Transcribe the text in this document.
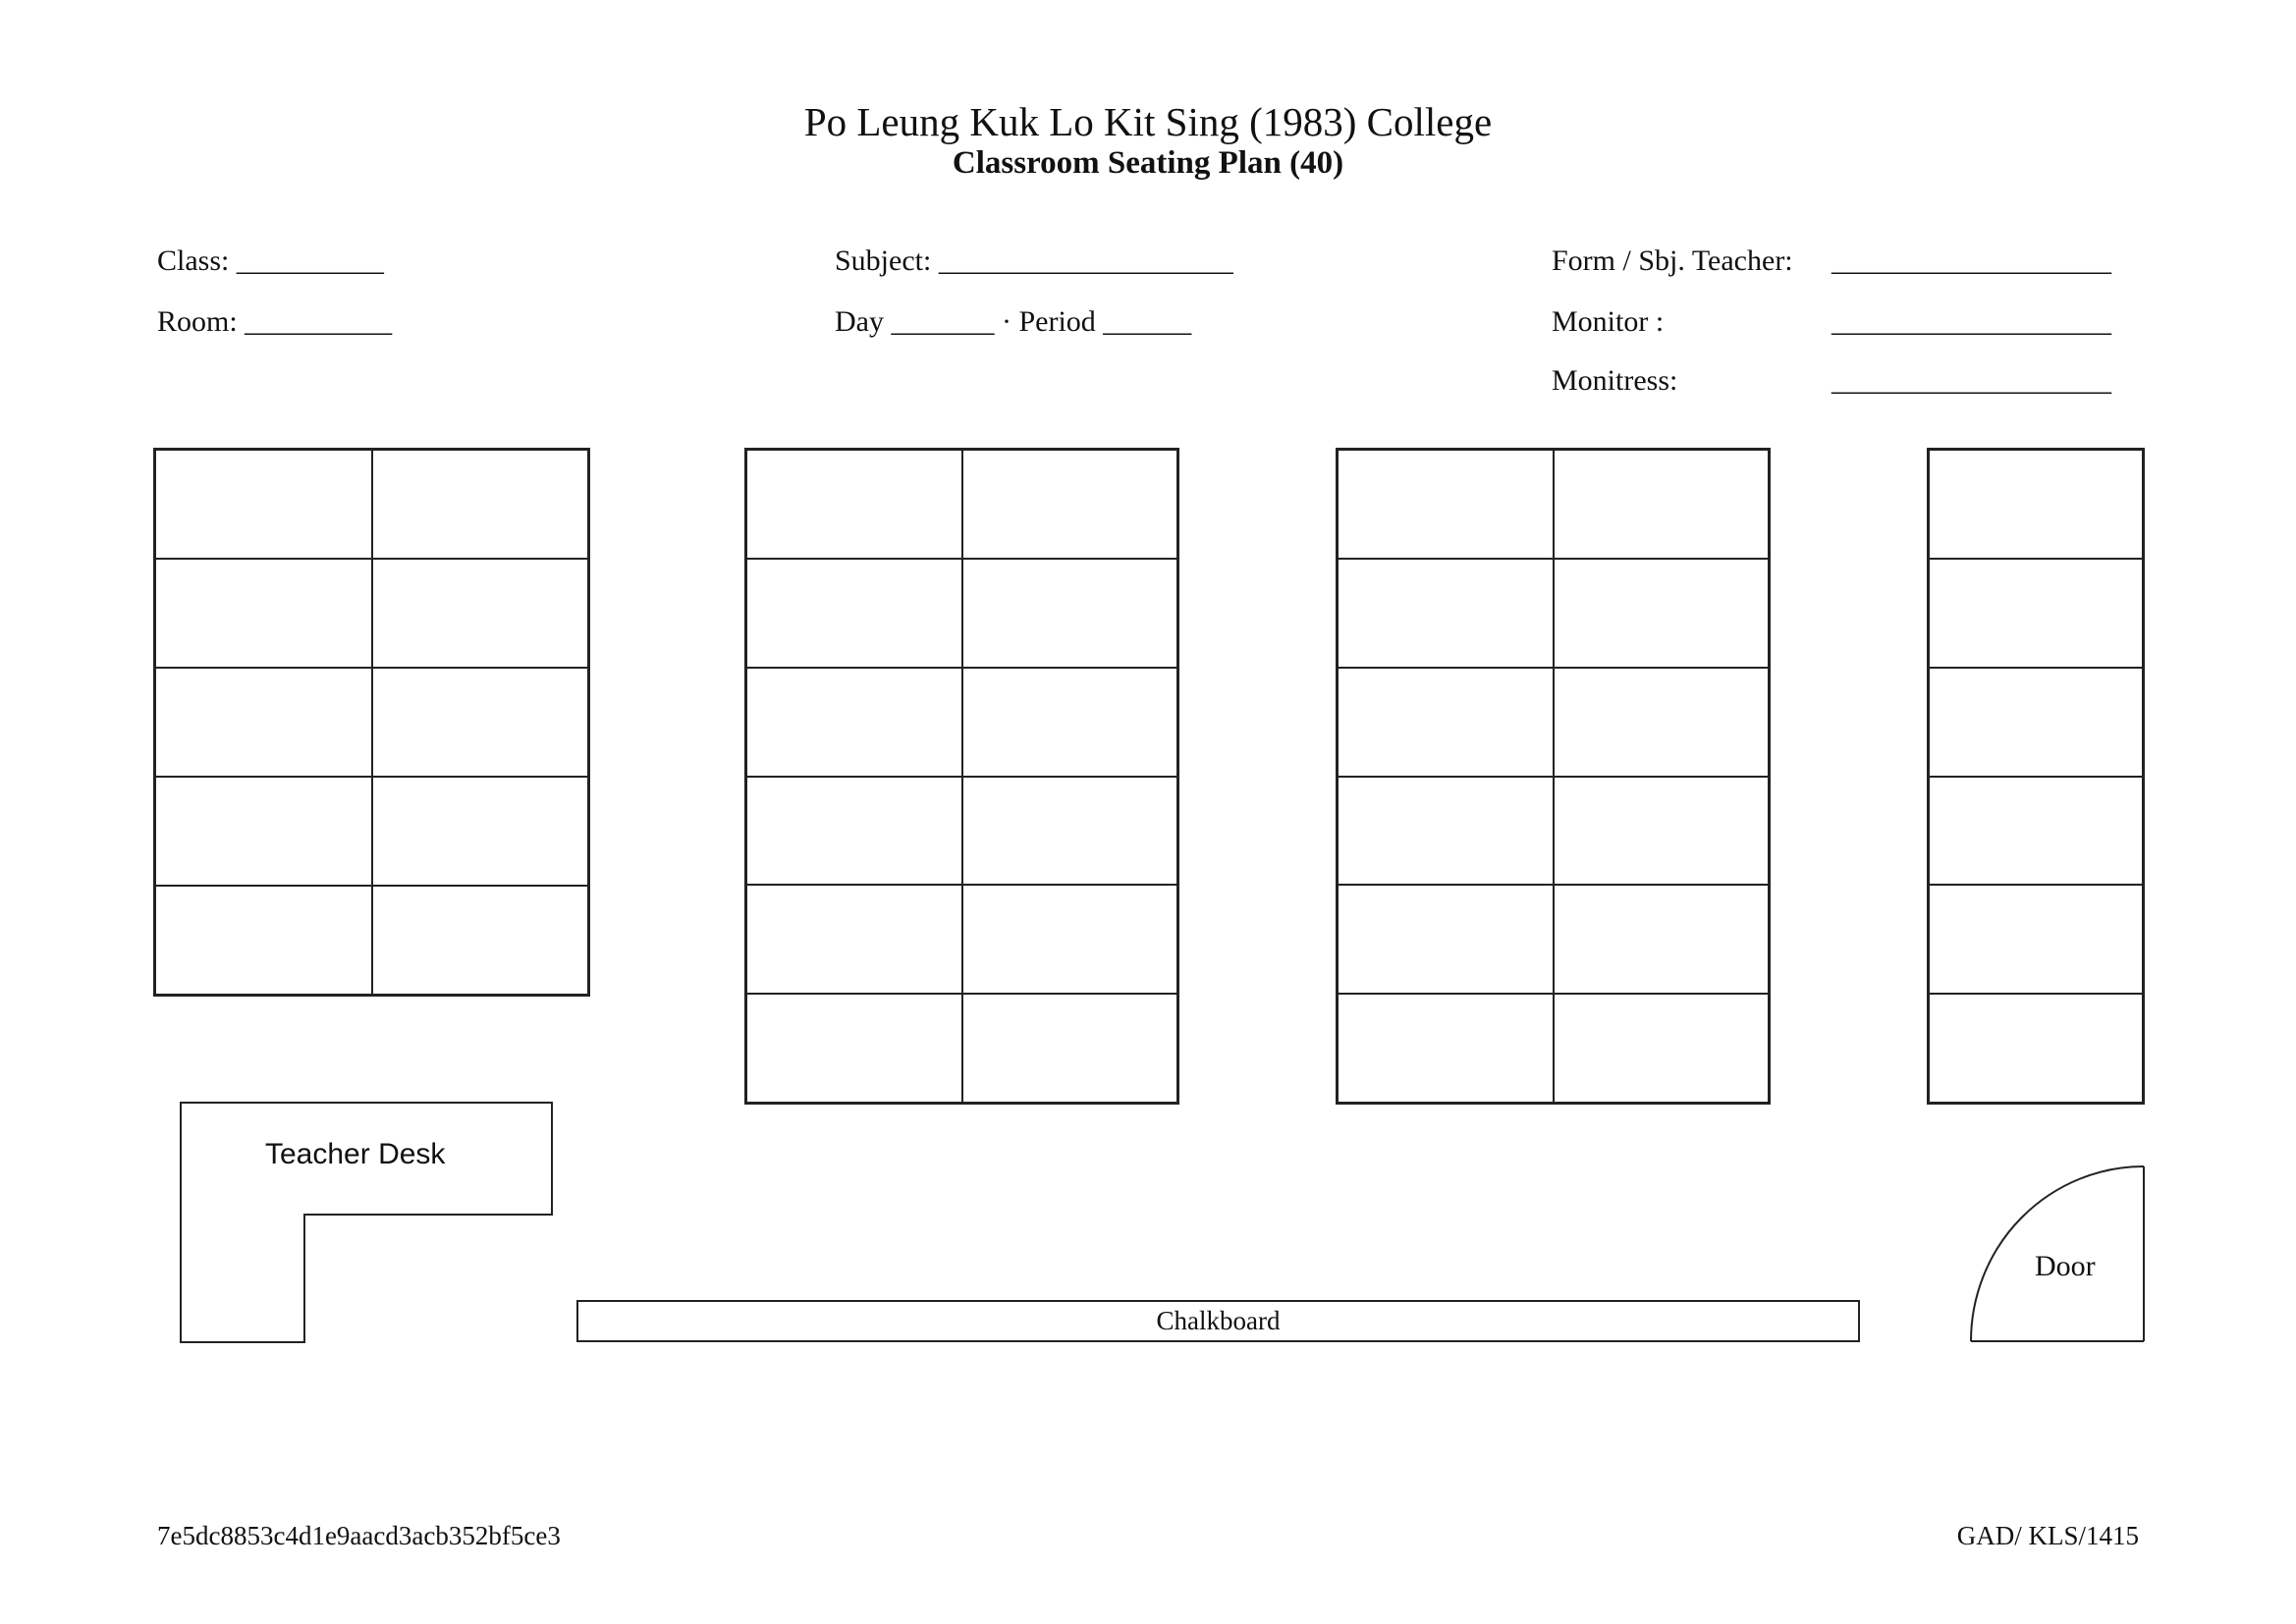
Po Leung Kuk Lo Kit Sing (1983) College
Classroom Seating Plan (40)
Class: __________
Room: __________
Subject: ____________________
Day _______ · Period ______
Form / Sbj. Teacher: ___________________
Monitor :	___________________
Monitress:	___________________
Teacher Desk
Chalkboard
Door
7e5dc8853c4d1e9aacd3acb352bf5ce3	GAD/ KLS/1415
